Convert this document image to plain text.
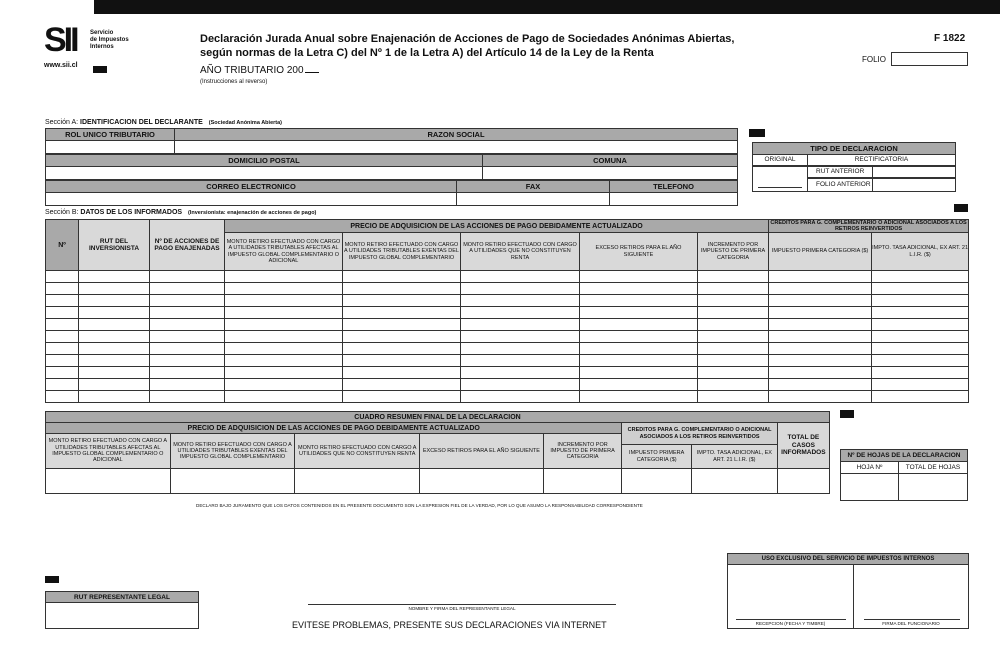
SII	Servicio
de Impuestos
Internos
www.sii.cl
Declaración Jurada Anual sobre Enajenación de Acciones de Pago de Sociedades Anónimas Abiertas,
según normas de la Letra C) del Nº 1 de la Letra A) del Artículo 14 de la Ley de la Renta
AÑO TRIBUTARIO 200
(Instrucciones al reverso)
F 1822
FOLIO
Sección A: IDENTIFICACION DEL DECLARANTE (Sociedad Anónima Abierta)
ROL UNICO TRIBUTARIO	RAZON SOCIAL
DOMICILIO POSTAL	COMUNA
CORREO ELECTRONICO	FAX	TELEFONO
TIPO DE DECLARACION
ORIGINAL	RECTIFICATORIA
RUT ANTERIOR
FOLIO ANTERIOR
Sección B: DATOS DE LOS INFORMADOS (Inversionista: enajenación de acciones de pago)
Nº	RUT DEL INVERSIONISTA	Nº DE ACCIONES DE PAGO ENAJENADAS	PRECIO DE ADQUISICION DE LAS ACCIONES DE PAGO DEBIDAMENTE ACTUALIZADO					CREDITOS PARA G. COMPLEMENTARIO O ADICIONAL ASOCIADOS A LOS RETIROS REINVERTIDOS	
			MONTO RETIRO EFECTUADO CON CARGO A UTILIDADES TRIBUTABLES AFECTAS AL IMPUESTO GLOBAL COMPLEMENTARIO O ADICIONAL	MONTO RETIRO EFECTUADO CON CARGO A UTILIDADES TRIBUTABLES EXENTAS DEL IMPUESTO GLOBAL COMPLEMENTARIO	MONTO RETIRO EFECTUADO CON CARGO A UTILIDADES QUE NO CONSTITUYEN RENTA	EXCESO RETIROS PARA EL AÑO SIGUIENTE	INCREMENTO POR IMPUESTO DE PRIMERA CATEGORIA	IMPUESTO PRIMERA CATEGORIA ($)	IMPTO. TASA ADICIONAL, EX ART. 21 L.I.R. ($)

CUADRO RESUMEN FINAL DE LA DECLARACION							
PRECIO DE ADQUISICION DE LAS ACCIONES DE PAGO DEBIDAMENTE ACTUALIZADO					CREDITOS PARA G. COMPLEMENTARIO O ADICIONAL ASOCIADOS A LOS RETIROS REINVERTIDOS		TOTAL DE CASOS INFORMADOS
MONTO RETIRO EFECTUADO CON CARGO A UTILIDADES TRIBUTABLES AFECTAS AL IMPUESTO GLOBAL COMPLEMENTARIO O ADICIONAL	MONTO RETIRO EFECTUADO CON CARGO A UTILIDADES TRIBUTABLES EXENTAS DEL IMPUESTO GLOBAL COMPLEMENTARIO	MONTO RETIRO EFECTUADO CON CARGO A UTILIDADES QUE NO CONSTITUYEN RENTA	EXCESO RETIROS PARA EL AÑO SIGUIENTE	INCREMENTO POR IMPUESTO DE PRIMERA CATEGORIA			
					IMPUESTO PRIMERA CATEGORIA ($)	IMPTO. TASA ADICIONAL, EX ART. 21 L.I.R. ($)	

Nº DE HOJAS DE LA DECLARACION
HOJA Nº	TOTAL DE HOJAS
DECLARO BAJO JURAMENTO QUE LOS DATOS CONTENIDOS EN EL PRESENTE DOCUMENTO SON LA EXPRESION FIEL DE LA VERDAD, POR LO QUE ASUMO LA RESPONSABILIDAD CORRESPONDIENTE
RUT REPRESENTANTE LEGAL
NOMBRE Y FIRMA DEL REPRESENTANTE LEGAL
EVITESE PROBLEMAS, PRESENTE SUS DECLARACIONES VIA INTERNET
USO EXCLUSIVO DEL SERVICIO DE IMPUESTOS INTERNOS
RECEPCION (FECHA Y TIMBRE)	FIRMA DEL FUNCIONARIO
